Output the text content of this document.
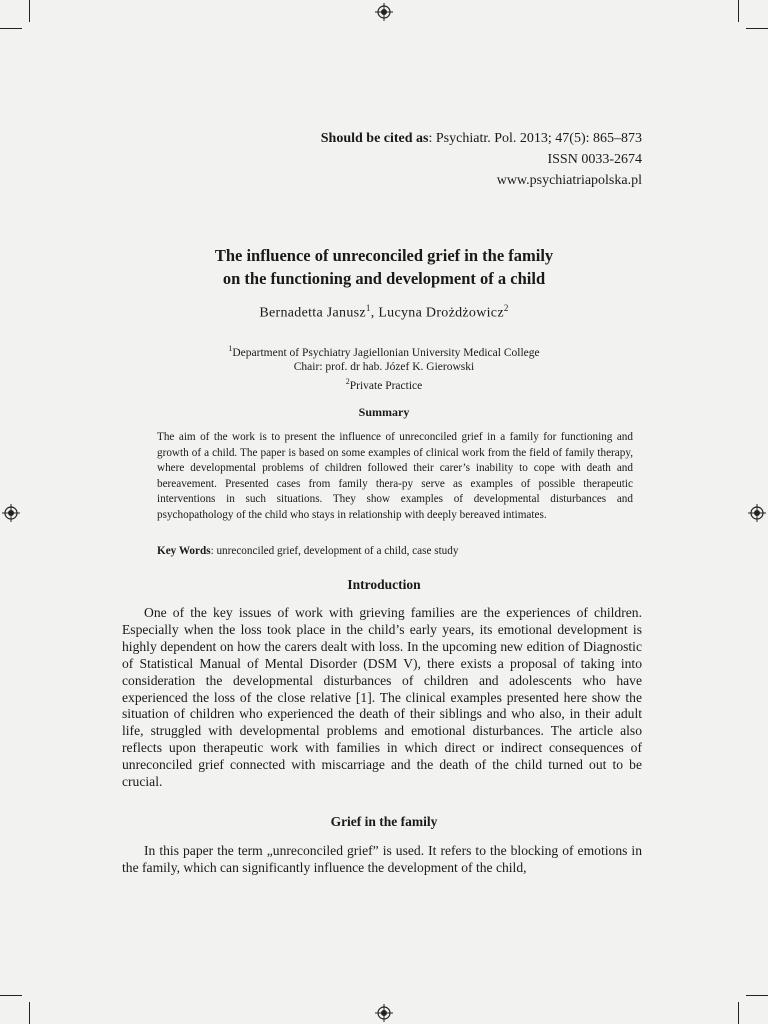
Should be cited as: Psychiatr. Pol. 2013; 47(5): 865–873
ISSN 0033-2674
www.psychiatriapolska.pl
The influence of unreconciled grief in the family
on the functioning and development of a child
Bernadetta Janusz$^1$, Lucyna Drożdżowicz$^2$
$^1$Department of Psychiatry Jagiellonian University Medical College
Chair: prof. dr hab. Józef K. Gierowski
$^2$Private Practice
Summary
The aim of the work is to present the influence of unreconciled grief in a family for functioning and growth of a child. The paper is based on some examples of clinical work from the field of family therapy, where developmental problems of children followed their carer’s inability to cope with death and bereavement. Presented cases from family thera-py serve as examples of possible therapeutic interventions in such situations. They show examples of developmental disturbances and psychopathology of the child who stays in relationship with deeply bereaved intimates.
Key Words: unreconciled grief, development of a child, case study
Introduction

One of the key issues of work with grieving families are the experiences of children. Especially when the loss took place in the child’s early years, its emotional development is highly dependent on how the carers dealt with loss. In the upcoming new edition of Diagnostic of Statistical Manual of Mental Disorder (DSM V), there exists a proposal of taking into consideration the developmental disturbances of children and adolescents who have experienced the loss of the close relative [1]. The clinical examples presented here show the situation of children who experienced the death of their siblings and who also, in their adult life, struggled with developmental problems and emotional disturbances. The article also reflects upon therapeutic work with families in which direct or indirect consequences of unreconciled grief connected with miscarriage and the death of the child turned out to be crucial.

Grief in the family

In this paper the term „unreconciled grief” is used. It refers to the blocking of emotions in the family, which can significantly influence the development of the child,
